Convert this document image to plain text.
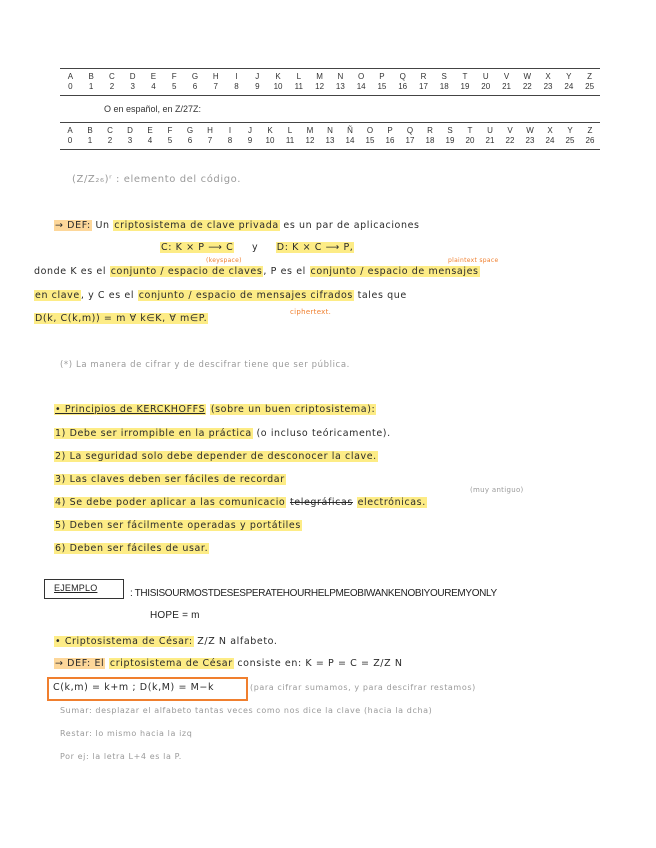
A	B	C	D	E	F	G	H	I	J	K	L	M	N	O	P	Q	R	S	T	U	V	W	X	Y	Z
0	1	2	3	4	5	6	7	8	9	10	11	12	13	14	15	16	17	18	19	20	21	22	23	24	25
O en español, en Z/27Z:
A	B	C	D	E	F	G	H	I	J	K	L	M	N	Ñ	O	P	Q	R	S	T	U	V	W	X	Y	Z
0	1	2	3	4	5	6	7	8	9	10	11	12	13	14	15	16	17	18	19	20	21	22	23	24	25	26
(Z/Z₂₆)ʳ : elemento del código.
→ DEF: Un criptosistema de clave privada es un par de aplicaciones
C: K × P ⟶ C y D: K × C ⟶ P,
(keyspace)	plaintext space
donde K es el conjunto / espacio de claves, P es el conjunto / espacio de mensajes
en clave, y C es el conjunto / espacio de mensajes cifrados tales que
D(k, C(k,m)) = m ∀ k∈K, ∀ m∈P.
ciphertext.
(*) La manera de cifrar y de descifrar tiene que ser pública.
• Principios de KERCKHOFFS (sobre un buen criptosistema):
1) Debe ser irrompible en la práctica (o incluso teóricamente).
2) La seguridad solo debe depender de desconocer la clave.
3) Las claves deben ser fáciles de recordar
(muy antiguo)
4) Se debe poder aplicar a las comunicacio telegráficas electrónicas.
5) Deben ser fácilmente operadas y portátiles
6) Deben ser fáciles de usar.
EJEMPLO	: THISISOURMOSTDESESPERATEHOURHELPMEOBIWANKENOBIYOUREMYONLY
HOPE = m
• Criptosistema de César: Z/Z N alfabeto.
→ DEF: El criptosistema de César consiste en: K = P = C = Z/Z N
C(k,m) = k+m ; D(k,M) = M−k	(para cifrar sumamos, y para descifrar restamos)
Sumar: desplazar el alfabeto tantas veces como nos dice la clave (hacia la dcha)
Restar: lo mismo hacia la izq
Por ej: la letra L+4 es la P.
